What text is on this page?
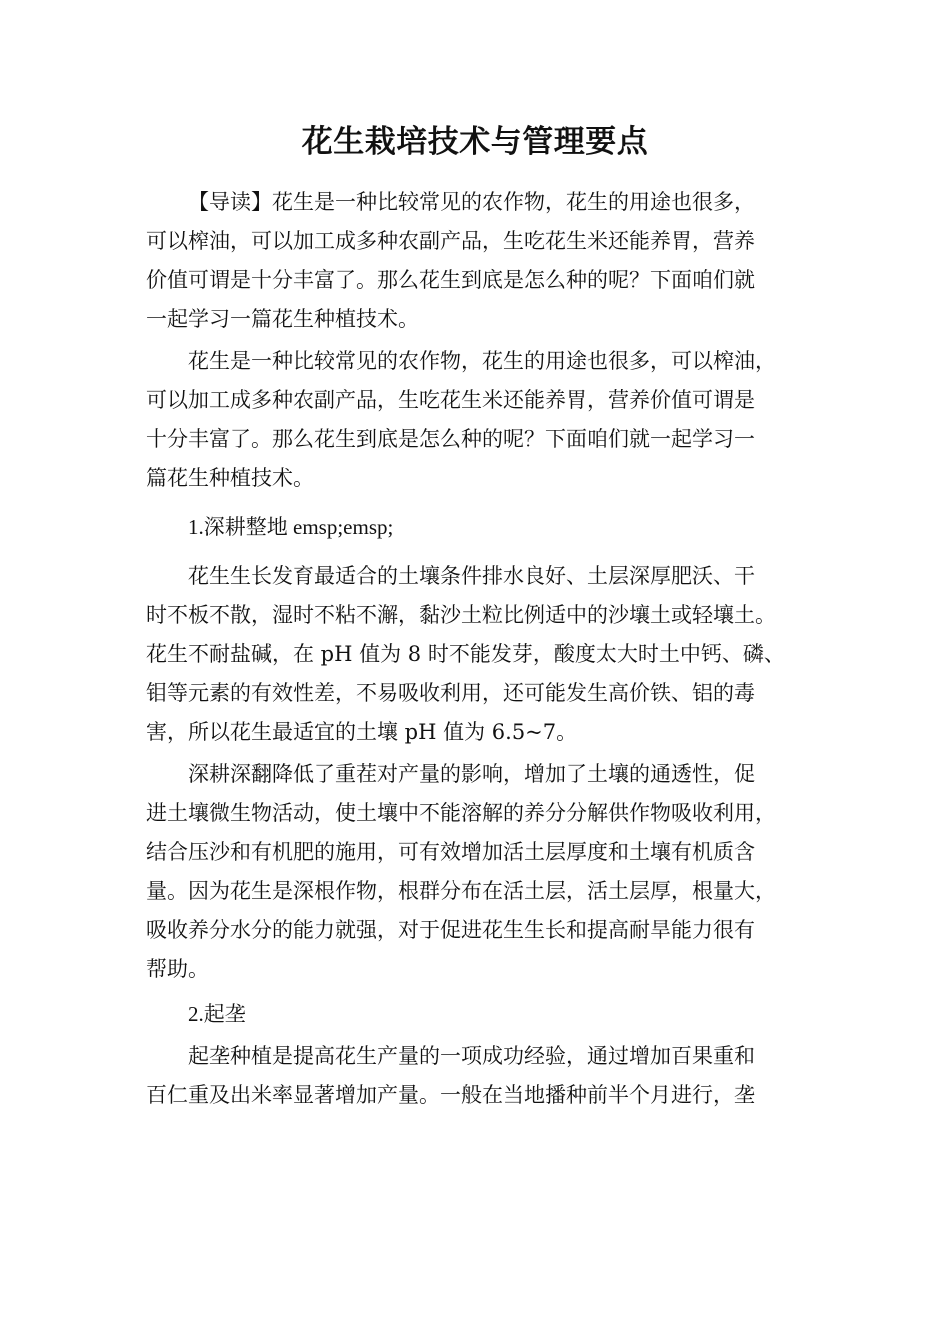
花生栽培技术与管理要点
【导读】花生是一种比较常见的农作物，花生的用途也很多，
可以榨油，可以加工成多种农副产品，生吃花生米还能养胃，营养
价值可谓是十分丰富了。那么花生到底是怎么种的呢？下面咱们就
一起学习一篇花生种植技术。
花生是一种比较常见的农作物，花生的用途也很多，可以榨油，
可以加工成多种农副产品，生吃花生米还能养胃，营养价值可谓是
十分丰富了。那么花生到底是怎么种的呢？下面咱们就一起学习一
篇花生种植技术。
1.深耕整地 emsp;emsp;
花生生长发育最适合的土壤条件排水良好、土层深厚肥沃、干
时不板不散，湿时不粘不澥，黏沙土粒比例适中的沙壤土或轻壤土。
花生不耐盐碱，在 pH 值为 8 时不能发芽，酸度太大时土中钙、磷、
钼等元素的有效性差，不易吸收利用，还可能发生高价铁、铝的毒
害，所以花生最适宜的土壤 pH 值为 6.5~7。
深耕深翻降低了重茬对产量的影响，增加了土壤的通透性，促
进土壤微生物活动，使土壤中不能溶解的养分分解供作物吸收利用，
结合压沙和有机肥的施用，可有效增加活土层厚度和土壤有机质含
量。因为花生是深根作物，根群分布在活土层，活土层厚，根量大，
吸收养分水分的能力就强，对于促进花生生长和提高耐旱能力很有
帮助。
2.起垄
起垄种植是提高花生产量的一项成功经验，通过增加百果重和
百仁重及出米率显著增加产量。一般在当地播种前半个月进行，垄
